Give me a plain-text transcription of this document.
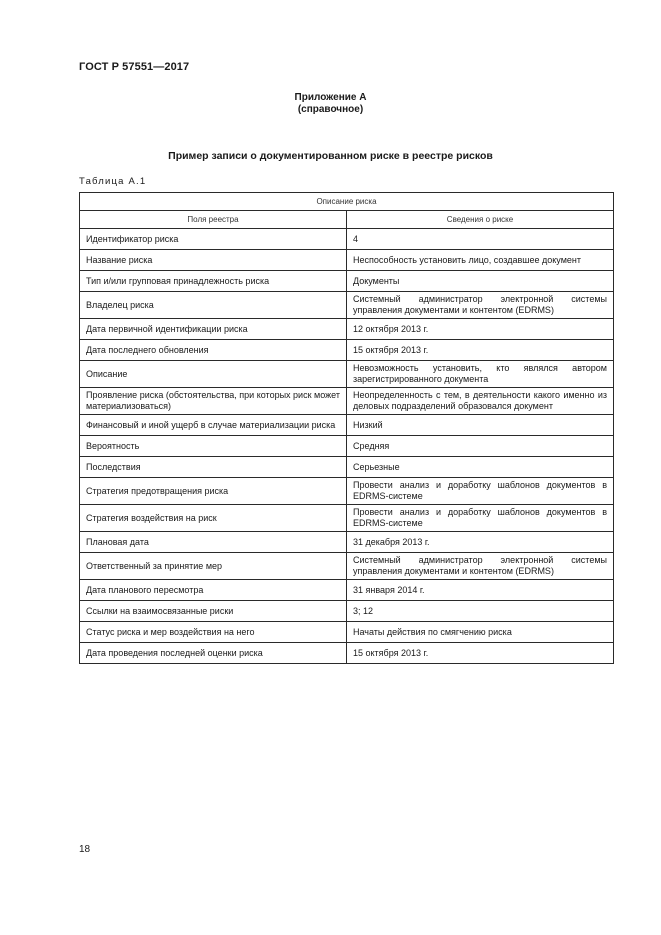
ГОСТ Р 57551—2017
Приложение А
(справочное)
Пример записи о документированном риске в реестре рисков
Таблица А.1
Описание риска	
Поля реестра	Сведения о риске
Идентификатор риска	4
Название риска	Неспособность установить лицо, создавшее документ
Тип и/или групповая принадлежность риска	Документы
Владелец риска	Системный администратор электронной системы управления документами и контентом (EDRMS)
Дата первичной идентификации риска	12 октября 2013 г.
Дата последнего обновления	15 октября 2013 г.
Описание	Невозможность установить, кто являлся автором зарегистрированного документа
Проявление риска (обстоятельства, при которых риск может материализоваться)	Неопределенность с тем, в деятельности какого именно из деловых подразделений образовался документ
Финансовый и иной ущерб в случае материализации риска	Низкий
Вероятность	Средняя
Последствия	Серьезные
Стратегия предотвращения риска	Провести анализ и доработку шаблонов документов в EDRMS-системе
Стратегия воздействия на риск	Провести анализ и доработку шаблонов документов в EDRMS-системе
Плановая дата	31 декабря 2013 г.
Ответственный за принятие мер	Системный администратор электронной системы управления документами и контентом (EDRMS)
Дата планового пересмотра	31 января 2014 г.
Ссылки на взаимосвязанные риски	3; 12
Статус риска и мер воздействия на него	Начаты действия по смягчению риска
Дата проведения последней оценки риска	15 октября 2013 г.
18
